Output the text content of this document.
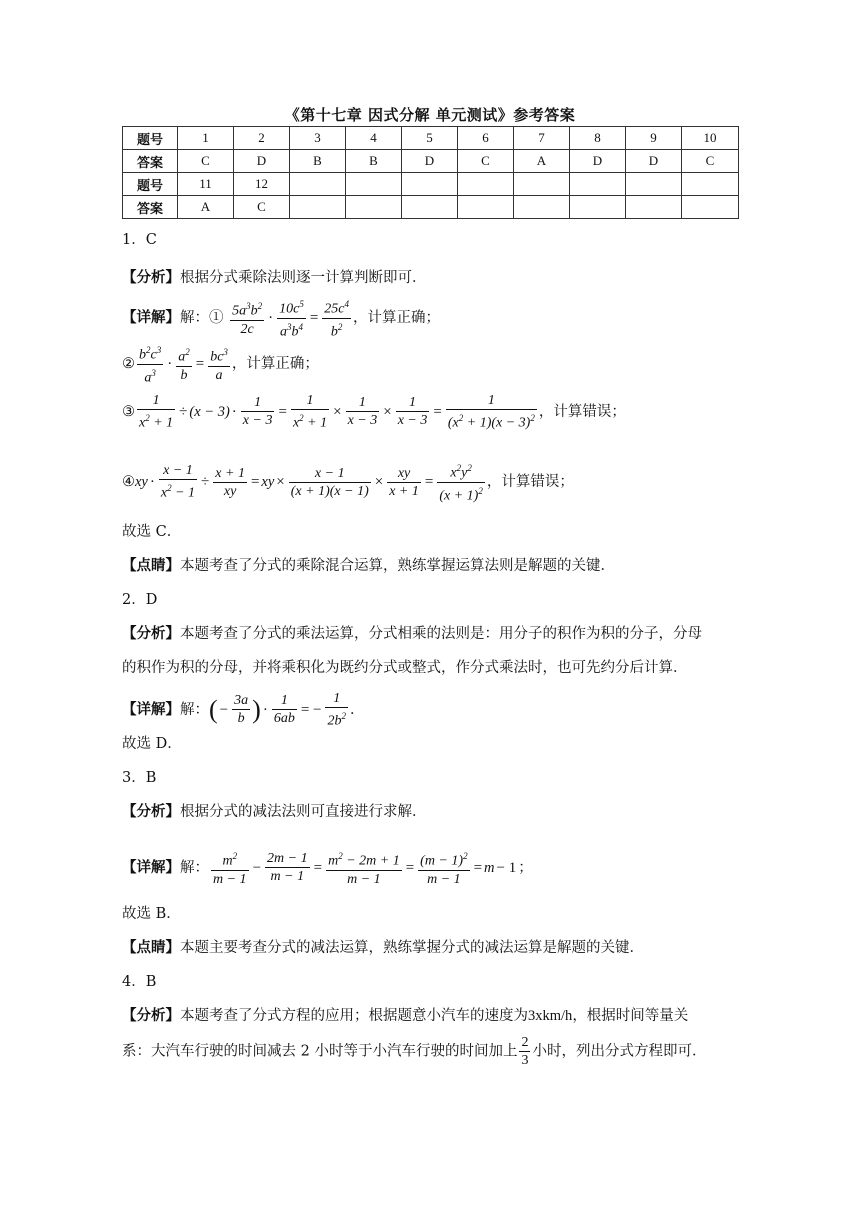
《第十七章 因式分解 单元测试》参考答案
题号	1	2	3	4	5	6	7	8	9	10
答案	C	D	B	B	D	C	A	D	D	C
题号	11	12								
答案	A	C								
1．C
【分析】根据分式乘除法则逐一计算判断即可．
【详解】解：① $\frac{5a^3b^2}{2c} \cdot \frac{10c^5}{a^3b^4} = \frac{25c^4}{b^2}$ ，计算正确；
② $\frac{b^2c^3}{a^3} \cdot \frac{a^2}{b} = \frac{bc^3}{a}$ ，计算正确；
③ $\frac{1}{x^2 + 1} \div (x - 3) \cdot \frac{1}{x - 3} = \frac{1}{x^2 + 1} \times \frac{1}{x - 3} \times \frac{1}{x - 3} = \frac{1}{(x^2 + 1)(x - 3)^2}$ ，计算错误；
④xy · $\frac{x - 1}{x^2 - 1} \div \frac{x + 1}{xy}$ = xy × $\frac{x - 1}{(x + 1)(x - 1)} \times \frac{xy}{x + 1} = \frac{x^2y^2}{(x + 1)^2}$ ，计算错误；
故选 C．
【点睛】本题考查了分式的乘除混合运算，熟练掌握运算法则是解题的关键．
2．D
【分析】本题考查了分式的乘法运算，分式相乘的法则是：用分子的积作为积的分子，分母
的积作为积的分母，并将乘积化为既约分式或整式，作分式乘法时，也可先约分后计算．
【详解】解：( − $\frac{3a}{b}$ ) · $\frac{1}{6ab}$ = − $\frac{1}{2b^2}$ ．
故选 D．
3．B
【分析】根据分式的减法法则可直接进行求解．
【详解】解： $\frac{m^2}{m - 1} - \frac{2m - 1}{m - 1} = \frac{m^2 - 2m + 1}{m - 1} = \frac{(m - 1)^2}{m - 1} = m - 1$ ；
故选 B．
【点睛】本题主要考查分式的减法运算，熟练掌握分式的减法运算是解题的关键．
4．B
【分析】本题考查了分式方程的应用；根据题意小汽车的速度为3xkm/h，根据时间等量关
系：大汽车行驶的时间减去 2 小时等于小汽车行驶的时间加上 $\frac{2}{3}$ 小时，列出分式方程即可．
